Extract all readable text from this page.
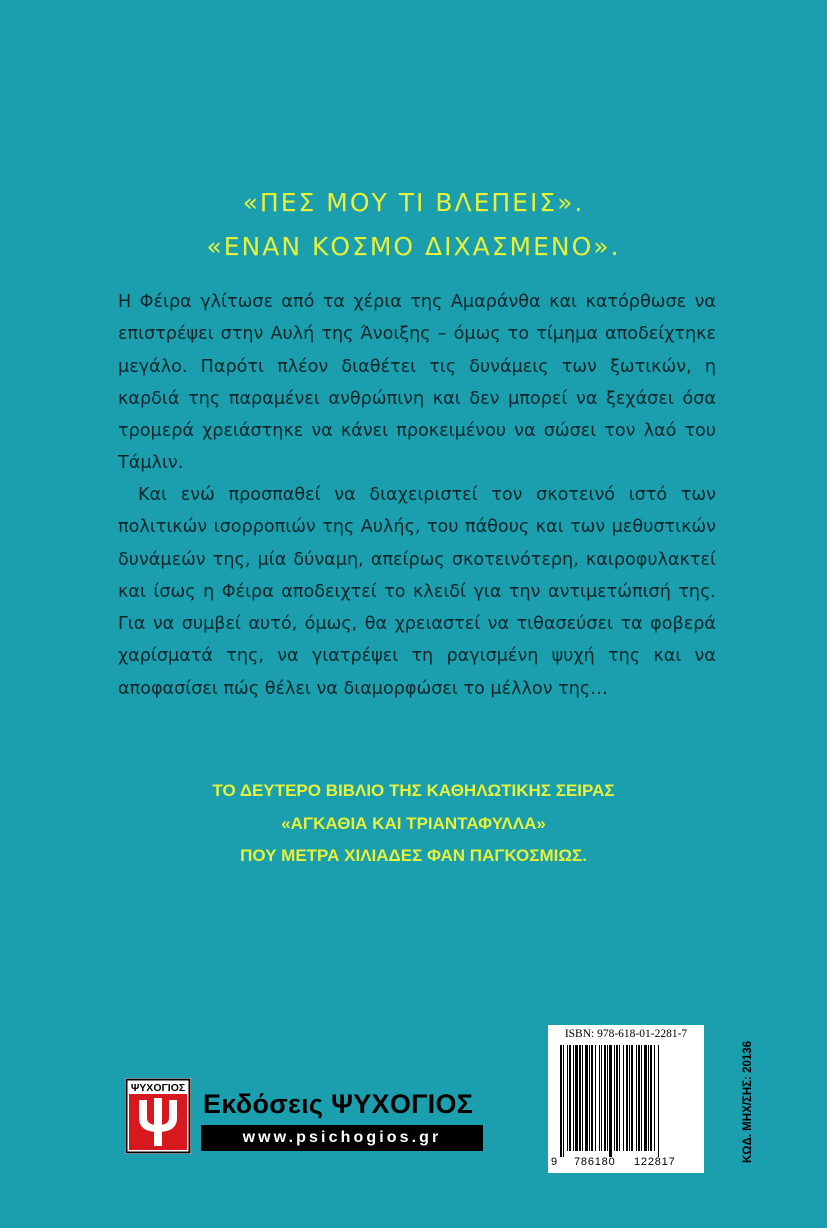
«ΠΕΣ ΜΟΥ ΤΙ ΒΛΕΠΕΙΣ».
«ΕΝΑΝ ΚΟΣΜΟ ΔΙΧΑΣΜΕΝΟ».

Η Φέιρα γλίτωσε από τα χέρια της Αμαράνθα και κατόρθωσε να επιστρέψει στην Αυλή της Άνοιξης – όμως το τίμημα αποδείχτηκε μεγάλο. Παρότι πλέον διαθέτει τις δυνάμεις των ξωτικών, η καρδιά της παραμένει ανθρώπινη και δεν μπορεί να ξεχάσει όσα τρομερά χρειάστηκε να κάνει προκειμένου να σώσει τον λαό του Τάμλιν.

Και ενώ προσπαθεί να διαχειριστεί τον σκοτεινό ιστό των πολιτικών ισορροπιών της Αυλής, του πάθους και των μεθυστικών δυνάμεών της, μία δύναμη, απείρως σκοτεινότερη, καιροφυλακτεί και ίσως η Φέιρα αποδειχτεί το κλειδί για την αντιμετώπισή της. Για να συμβεί αυτό, όμως, θα χρειαστεί να τιθασεύσει τα φοβερά χαρίσματά της, να γιατρέψει τη ραγισμένη ψυχή της και να αποφασίσει πώς θέλει να διαμορφώσει το μέλλον της…

ΤΟ ΔΕΥΤΕΡΟ ΒΙΒΛΙΟ ΤΗΣ ΚΑΘΗΛΩΤΙΚΗΣ ΣΕΙΡΑΣ
«ΑΓΚΑΘΙΑ ΚΑΙ ΤΡΙΑΝΤΑΦΥΛΛΑ»
ΠΟΥ ΜΕΤΡΑ ΧΙΛΙΑΔΕΣ ΦΑΝ ΠΑΓΚΟΣΜΙΩΣ.
ΨΥΧΟΓΙΟΣ
Εκδόσεις ΨΥΧΟΓΙΟΣ
www.psichogios.gr
ISBN: 978-618-01-2281-7
9 786180 122817	ΚΩΔ. ΜΗΧ/ΣΗΣ: 20136
